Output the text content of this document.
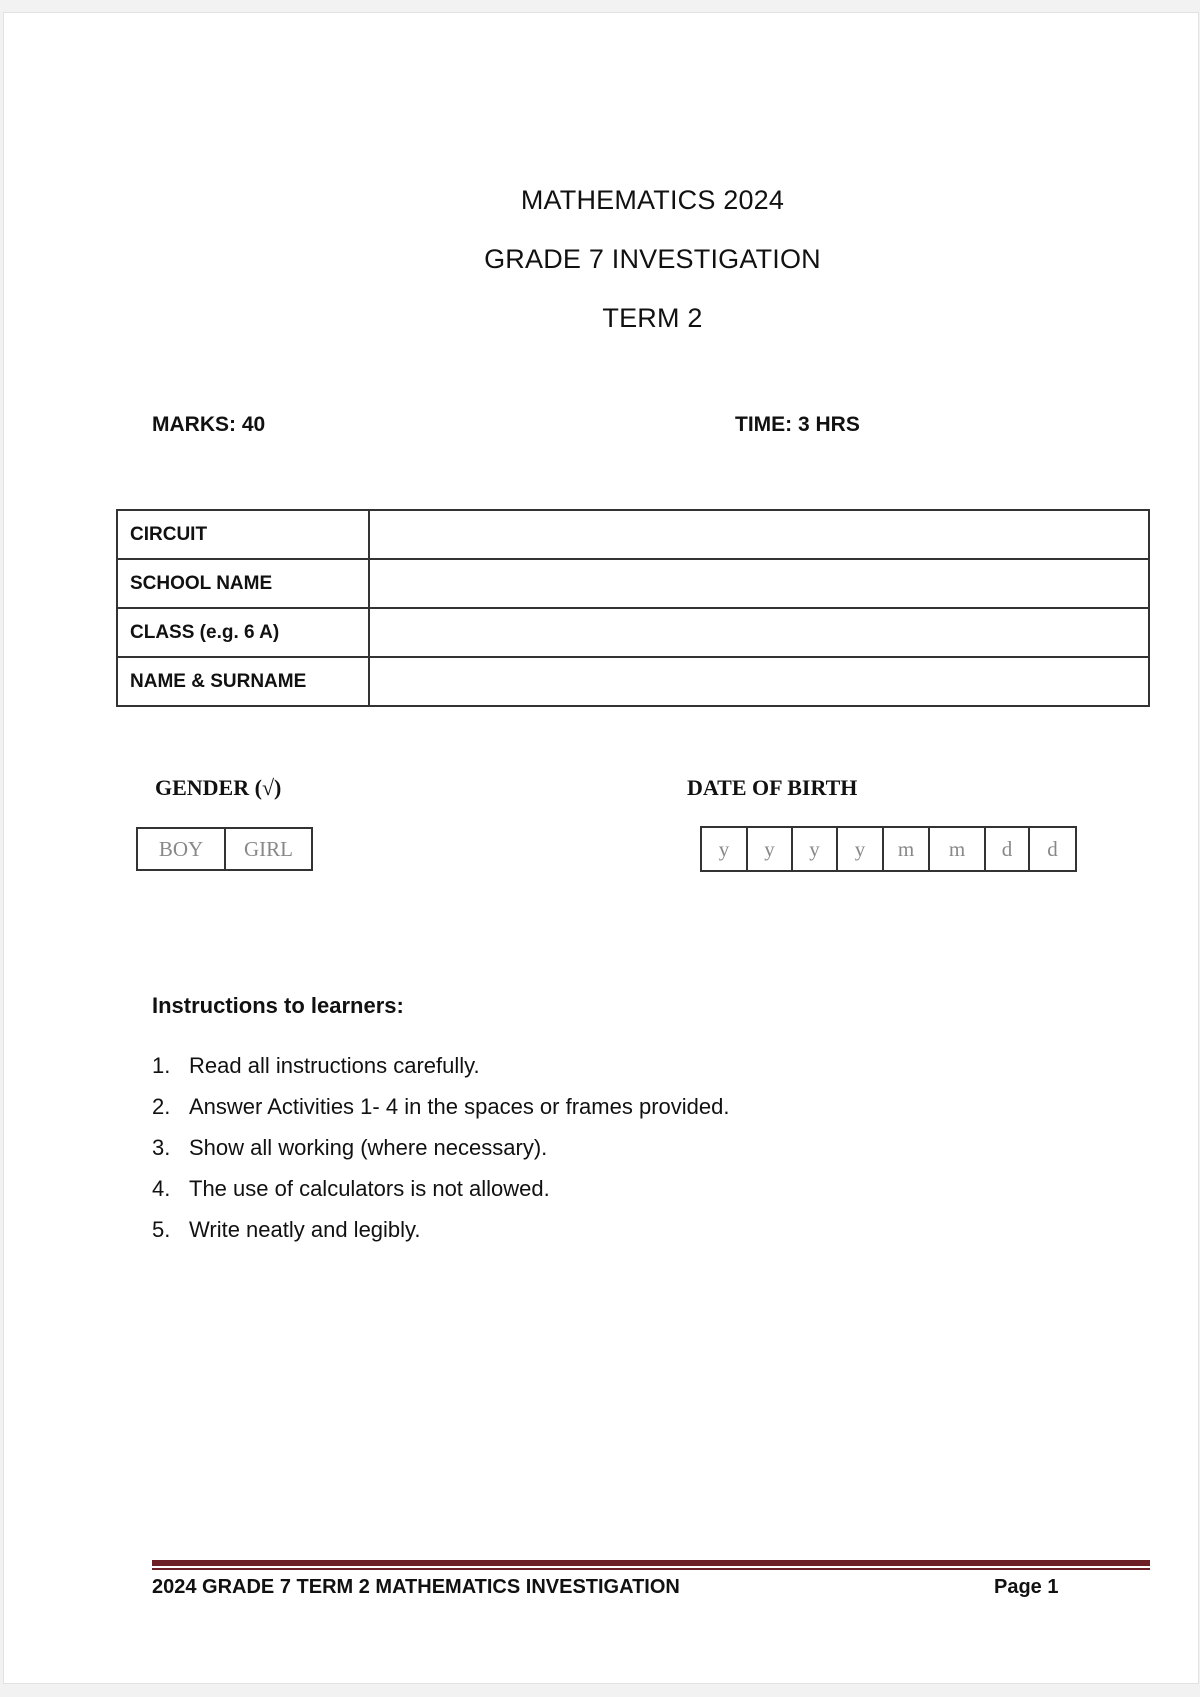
MATHEMATICS 2024
GRADE 7 INVESTIGATION
TERM 2
MARKS: 40	TIME: 3 HRS
CIRCUIT	
SCHOOL NAME	
CLASS (e.g. 6 A)	
NAME & SURNAME	
GENDER (√)
BOY	GIRL
DATE OF BIRTH
y	y	y	y	m	m	d	d
Instructions to learners:
1. Read all instructions carefully.
2. Answer Activities 1- 4 in the spaces or frames provided.
3. Show all working (where necessary).
4. The use of calculators is not allowed.
5. Write neatly and legibly.
2024 GRADE 7 TERM 2 MATHEMATICS INVESTIGATION	Page 1
